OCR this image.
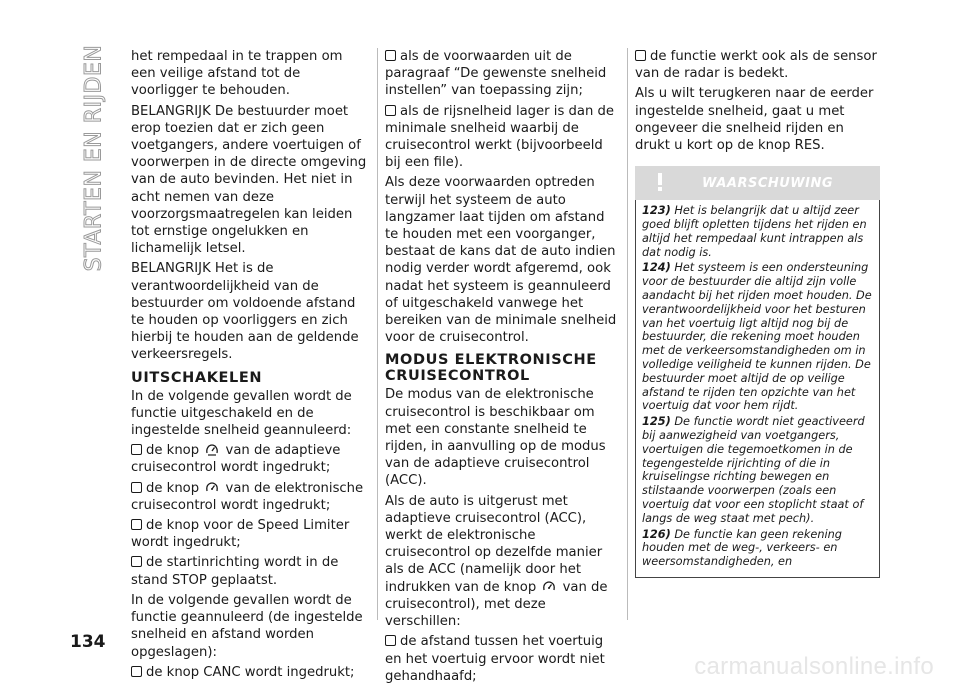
STARTEN EN RIJDEN het rempedaal in te trappen om een veilige afstand tot de voorligger te behouden.

BELANGRIJK De bestuurder moet erop toezien dat er zich geen voetgangers, andere voertuigen of voorwerpen in de directe omgeving van de auto bevinden. Het niet in acht nemen van deze voorzorgsmaatregelen kan leiden tot ernstige ongelukken en lichamelijk letsel.

BELANGRIJK Het is de verantwoordelijkheid van de bestuurder om voldoende afstand te houden op voorliggers en zich hierbij te houden aan de geldende verkeersregels.

UITSCHAKELEN

In de volgende gevallen wordt de functie uitgeschakeld en de ingestelde snelheid geannuleerd:

de knop van de adaptieve cruisecontrol wordt ingedrukt;

de knop van de elektronische cruisecontrol wordt ingedrukt;

de knop voor de Speed Limiter wordt ingedrukt;

de startinrichting wordt in de stand STOP geplaatst.

In de volgende gevallen wordt de functie geannuleerd (de ingestelde snelheid en afstand worden opgeslagen):

de knop CANC wordt ingedrukt;

als de voorwaarden uit de paragraaf “De gewenste snelheid instellen” van toepassing zijn;

als de rijsnelheid lager is dan de minimale snelheid waarbij de cruisecontrol werkt (bijvoorbeeld bij een file).

Als deze voorwaarden optreden terwijl het systeem de auto langzamer laat tijden om afstand te houden met een voorganger, bestaat de kans dat de auto indien nodig verder wordt afgeremd, ook nadat het systeem is geannuleerd of uitgeschakeld vanwege het bereiken van de minimale snelheid voor de cruisecontrol.

MODUS ELEKTRONISCHE CRUISECONTROL

De modus van de elektronische cruisecontrol is beschikbaar om met een constante snelheid te rijden, in aanvulling op de modus van de adaptieve cruisecontrol (ACC).

Als de auto is uitgerust met adaptieve cruisecontrol (ACC), werkt de elektronische cruisecontrol op dezelfde manier als de ACC (namelijk door het indrukken van de knop van de cruisecontrol), met deze verschillen:

de afstand tussen het voertuig en het voertuig ervoor wordt niet gehandhaafd;

de functie werkt ook als de sensor van de radar is bedekt.

Als u wilt terugkeren naar de eerder ingestelde snelheid, gaat u met ongeveer die snelheid rijden en drukt u kort op de knop RES.

WAARSCHUWING

123) Het is belangrijk dat u altijd zeer goed blijft opletten tijdens het rijden en altijd het rempedaal kunt intrappen als dat nodig is.

124) Het systeem is een ondersteuning voor de bestuurder die altijd zijn volle aandacht bij het rijden moet houden. De verantwoordelijkheid voor het besturen van het voertuig ligt altijd nog bij de bestuurder, die rekening moet houden met de verkeersomstandigheden om in volledige veiligheid te kunnen rijden. De bestuurder moet altijd de op veilige afstand te rijden ten opzichte van het voertuig dat voor hem rijdt.

125) De functie wordt niet geactiveerd bij aanwezigheid van voetgangers, voertuigen die tegemoetkomen in de tegengestelde rijrichting of die in kruiselingse richting bewegen en stilstaande voorwerpen (zoals een voertuig dat voor een stoplicht staat of langs de weg staat met pech).

126) De functie kan geen rekening houden met de weg-, verkeers- en weersomstandigheden, en

134
carmanualsonline.info
